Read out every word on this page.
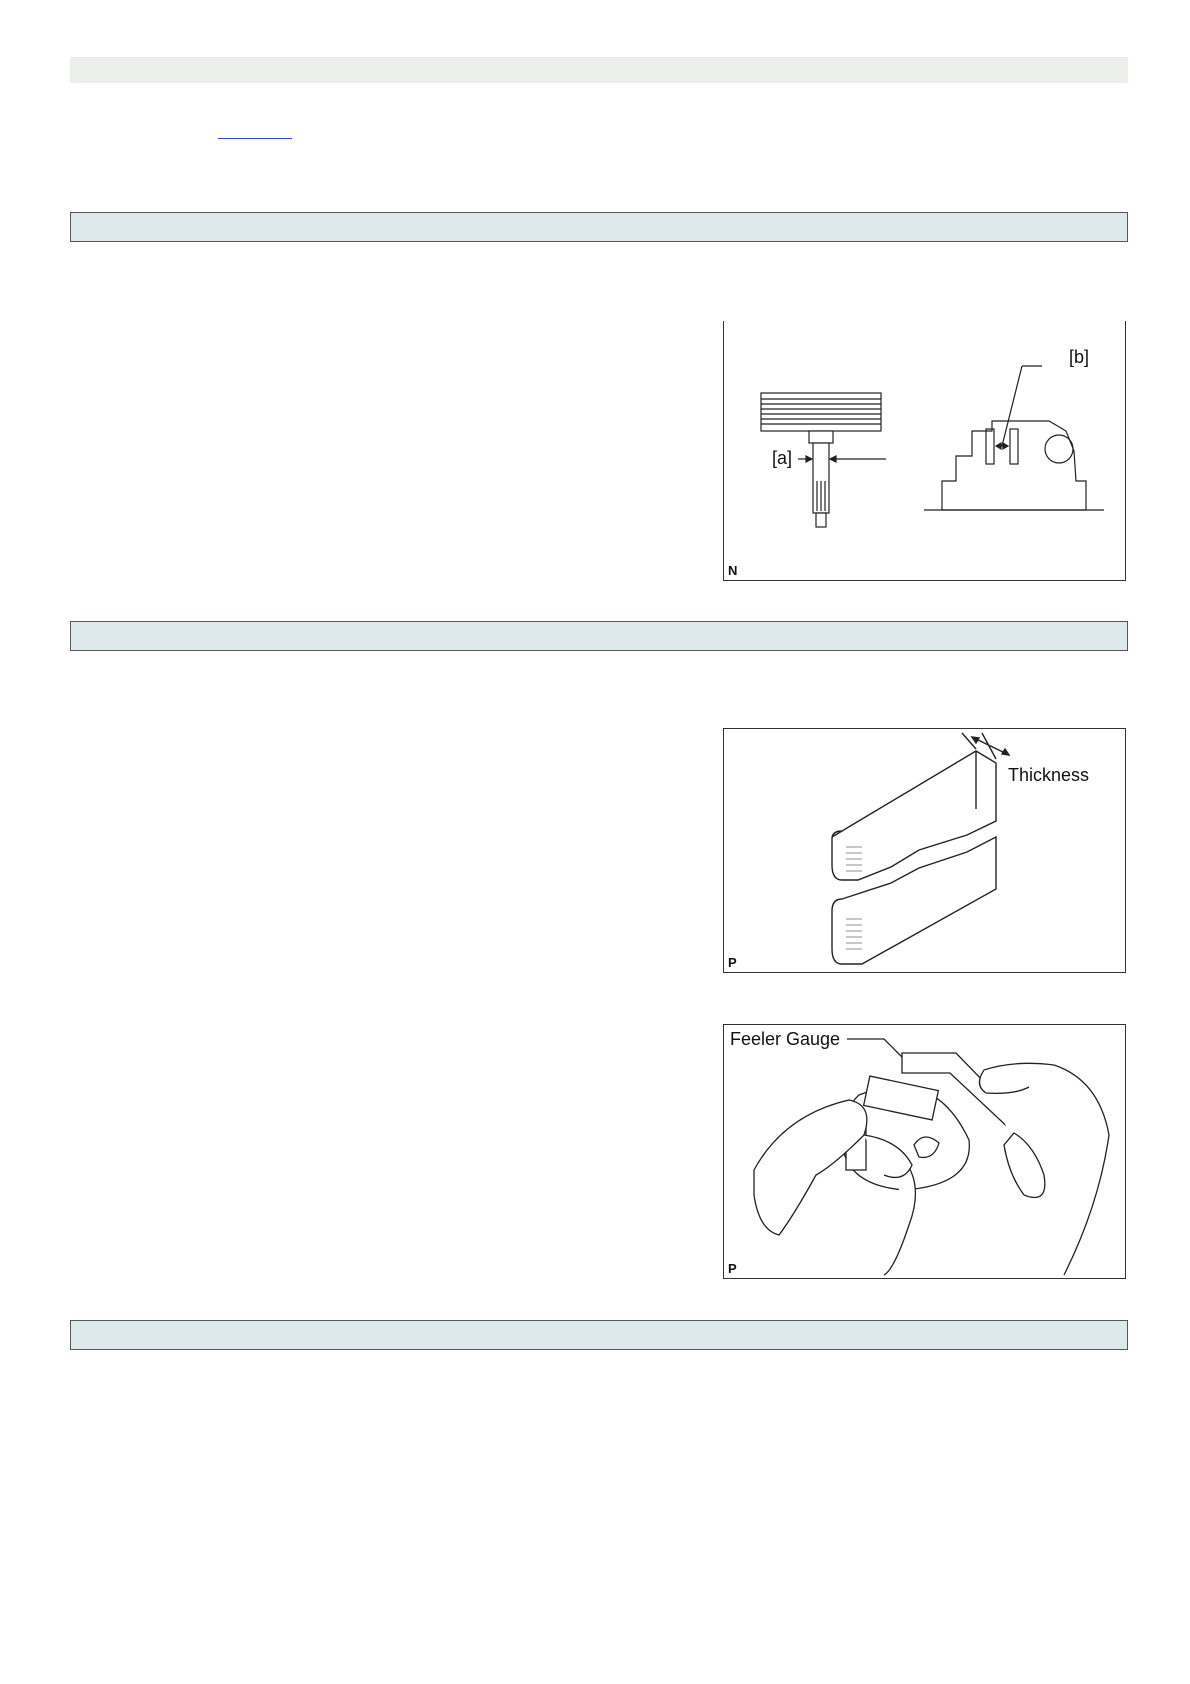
[a]
[b]
N
Thickness
P
Feeler Gauge
P
